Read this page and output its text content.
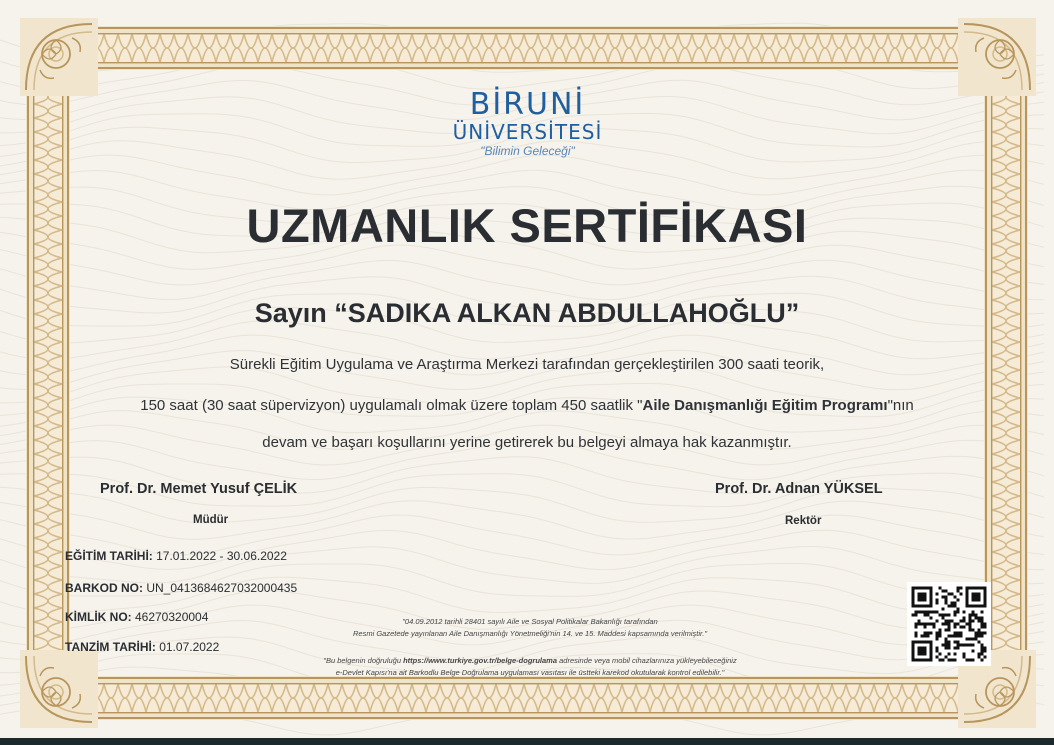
BİRUNİ
ÜNİVERSİTESİ
"Bilimin Geleceği"
UZMANLIK SERTİFİKASI
Sayın “SADIKA ALKAN ABDULLAHOĞLU”
Sürekli Eğitim Uygulama ve Araştırma Merkezi tarafından gerçekleştirilen 300 saati teorik,
150 saat (30 saat süpervizyon) uygulamalı olmak üzere toplam 450 saatlik "Aile Danışmanlığı Eğitim Programı"nın
devam ve başarı koşullarını yerine getirerek bu belgeyi almaya hak kazanmıştır.
Prof. Dr. Memet Yusuf ÇELİK
Müdür
Prof. Dr. Adnan YÜKSEL
Rektör
EĞİTİM TARİHİ: 17.01.2022 - 30.06.2022
BARKOD NO: UN_0413684627032000435
KİMLİK NO: 46270320004
TANZİM TARİHİ: 01.07.2022
"04.09.2012 tarihli 28401 sayılı Aile ve Sosyal Politikalar Bakanlığı tarafından
Resmi Gazetede yayınlanan Aile Danışmanlığı Yönetmeliği'nin 14. ve 15. Maddesi kapsamında verilmiştir."
"Bu belgenin doğruluğu https://www.turkiye.gov.tr/belge-dogrulama adresinde veya mobil cihazlarınıza yükleyebileceğiniz
e-Devlet Kapısı'na ait Barkodlu Belge Doğrulama uygulaması vasıtası ile üstteki karekod okutularak kontrol edilebilir."
